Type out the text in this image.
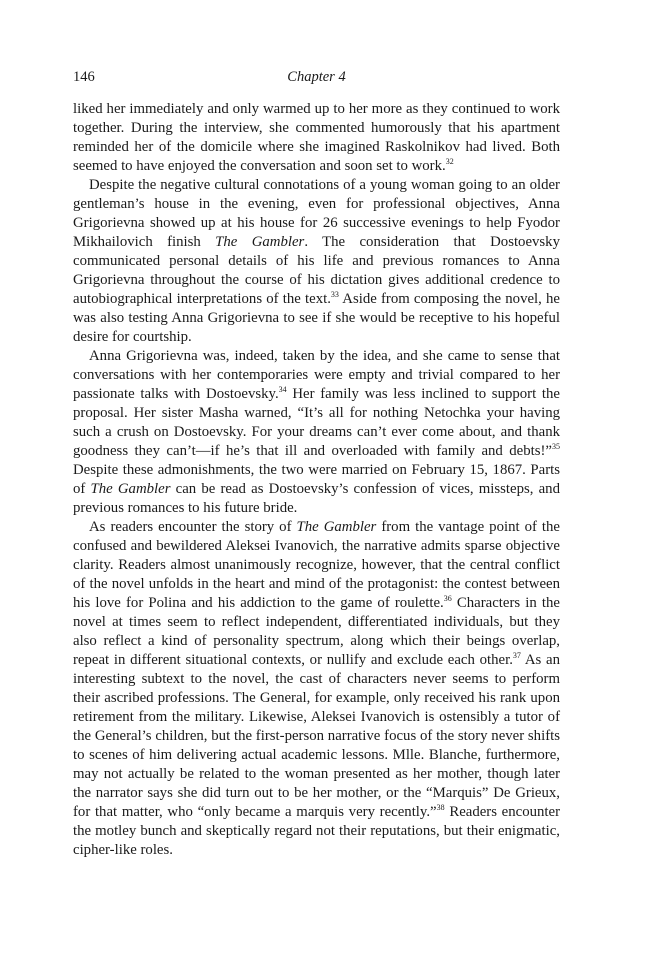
146	Chapter 4

liked her immediately and only warmed up to her more as they continued to work together. During the interview, she commented humorously that his apartment reminded her of the domicile where she imagined Raskolnikov had lived. Both seemed to have enjoyed the conversation and soon set to work.$^{32}$

Despite the negative cultural connotations of a young woman going to an older gentleman’s house in the evening, even for professional objectives, Anna Grigorievna showed up at his house for 26 successive evenings to help Fyodor Mikhailovich finish The Gambler. The consideration that Dostoevsky communicated personal details of his life and previous romances to Anna Grigorievna throughout the course of his dictation gives additional credence to autobiographical interpretations of the text.$^{33}$ Aside from composing the novel, he was also testing Anna Grigorievna to see if she would be receptive to his hopeful desire for courtship.

Anna Grigorievna was, indeed, taken by the idea, and she came to sense that conversations with her contemporaries were empty and trivial compared to her passionate talks with Dostoevsky.$^{34}$ Her family was less inclined to support the proposal. Her sister Masha warned, “It’s all for nothing Netochka your having such a crush on Dostoevsky. For your dreams can’t ever come about, and thank goodness they can’t—if he’s that ill and overloaded with family and debts!”$^{35}$ Despite these admonishments, the two were married on February 15, 1867. Parts of The Gambler can be read as Dostoevsky’s confession of vices, missteps, and previous romances to his future bride.

As readers encounter the story of The Gambler from the vantage point of the confused and bewildered Aleksei Ivanovich, the narrative admits sparse objective clarity. Readers almost unanimously recognize, however, that the central conflict of the novel unfolds in the heart and mind of the protagonist: the contest between his love for Polina and his addiction to the game of roulette.$^{36}$ Characters in the novel at times seem to reflect independent, differentiated individuals, but they also reflect a kind of personality spectrum, along which their beings overlap, repeat in different situational contexts, or nullify and exclude each other.$^{37}$ As an interesting subtext to the novel, the cast of characters never seems to perform their ascribed professions. The General, for example, only received his rank upon retirement from the military. Likewise, Aleksei Ivanovich is ostensibly a tutor of the General’s children, but the first-person narrative focus of the story never shifts to scenes of him delivering actual academic lessons. Mlle. Blanche, furthermore, may not actually be related to the woman presented as her mother, though later the narrator says she did turn out to be her mother, or the “Marquis” De Grieux, for that matter, who “only became a marquis very recently.”$^{38}$ Readers encounter the motley bunch and skeptically regard not their reputations, but their enigmatic, cipher-like roles.
